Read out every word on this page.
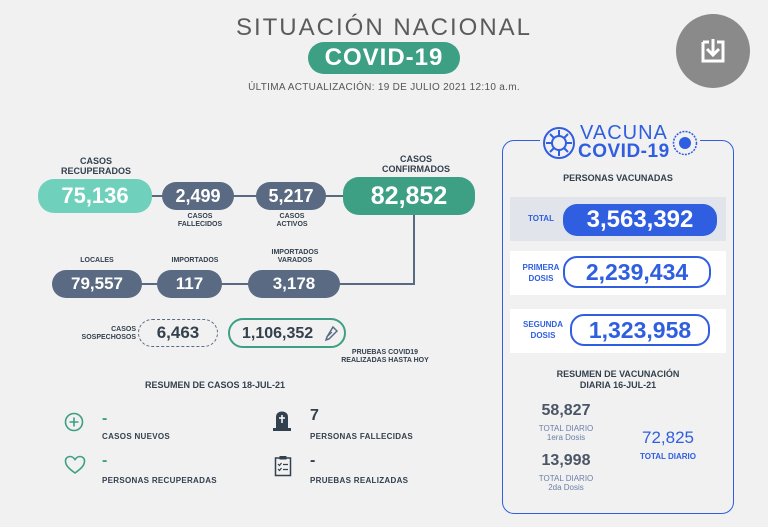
SITUACIÓN NACIONAL
COVID-19
ÚLTIMA ACTUALIZACIÓN: 19 DE JULIO 2021 12:10 a.m.
CASOS
RECUPERADOS
CASOS
CONFIRMADOS
75,136	2,499
CASOS
FALLECIDOS
5,217
CASOS
ACTIVOS
82,852
LOCALES	IMPORTADOS
IMPORTADOS
VARADOS
79,557	117	3,178
CASOS
SOSPECHOSOS	6,463	1,106,352
PRUEBAS COVID19
REALIZADAS HASTA HOY
RESUMEN DE CASOS 18-JUL-21
-
CASOS NUEVOS
-
PERSONAS RECUPERADAS
7
PERSONAS FALLECIDAS
-
PRUEBAS REALIZADAS
VACUNA
COVID-19
PERSONAS VACUNADAS
TOTAL	3,563,392
PRIMERA
DOSIS	2,239,434
SEGUNDA
DOSIS	1,323,958
RESUMEN DE VACUNACIÓN
DIARIA 16-JUL-21
58,827
TOTAL DIARIO
1era Dosis
13,998
TOTAL DIARIO
2da Dosis
72,825
TOTAL DIARIO
